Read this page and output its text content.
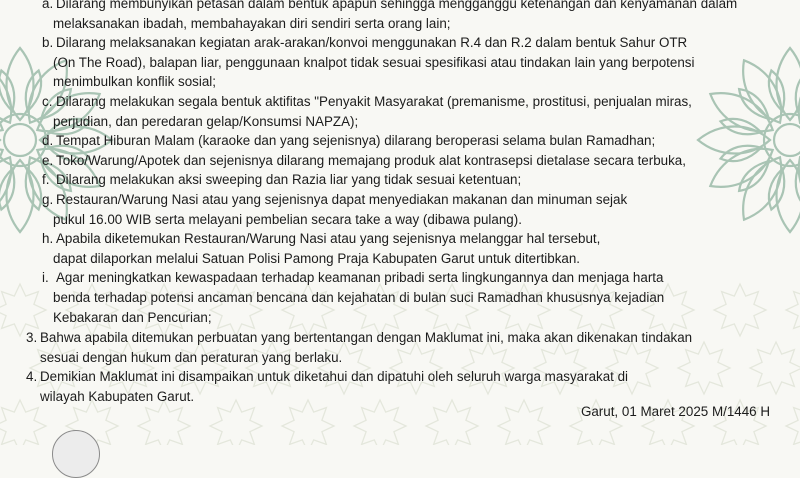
a. Dilarang membunyikan petasan dalam bentuk apapun sehingga mengganggu ketenangan dan kenyamanan dalam
melaksanakan ibadah, membahayakan diri sendiri serta orang lain;
b. Dilarang melaksanakan kegiatan arak-arakan/konvoi menggunakan R.4 dan R.2 dalam bentuk Sahur OTR
(On The Road), balapan liar, penggunaan knalpot tidak sesuai spesifikasi atau tindakan lain yang berpotensi
menimbulkan konflik sosial;
c. Dilarang melakukan segala bentuk aktifitas "Penyakit Masyarakat (premanisme, prostitusi, penjualan miras,
perjudian, dan peredaran gelap/Konsumsi NAPZA);
d. Tempat Hiburan Malam (karaoke dan yang sejenisnya) dilarang beroperasi selama bulan Ramadhan;
e. Toko/Warung/Apotek dan sejenisnya dilarang memajang produk alat kontrasepsi dietalase secara terbuka,
f. Dilarang melakukan aksi sweeping dan Razia liar yang tidak sesuai ketentuan;
g. Restauran/Warung Nasi atau yang sejenisnya dapat menyediakan makanan dan minuman sejak
pukul 16.00 WIB serta melayani pembelian secara take a way (dibawa pulang).
h. Apabila diketemukan Restauran/Warung Nasi atau yang sejenisnya melanggar hal tersebut,
dapat dilaporkan melalui Satuan Polisi Pamong Praja Kabupaten Garut untuk ditertibkan.
i. Agar meningkatkan kewaspadaan terhadap keamanan pribadi serta lingkungannya dan menjaga harta
benda terhadap potensi ancaman bencana dan kejahatan di bulan suci Ramadhan khususnya kejadian
Kebakaran dan Pencurian;
3. Bahwa apabila ditemukan perbuatan yang bertentangan dengan Maklumat ini, maka akan dikenakan tindakan
sesuai dengan hukum dan peraturan yang berlaku.
4. Demikian Maklumat ini disampaikan untuk diketahui dan dipatuhi oleh seluruh warga masyarakat di
wilayah Kabupaten Garut.
Garut, 01 Maret 2025 M/1446 H
